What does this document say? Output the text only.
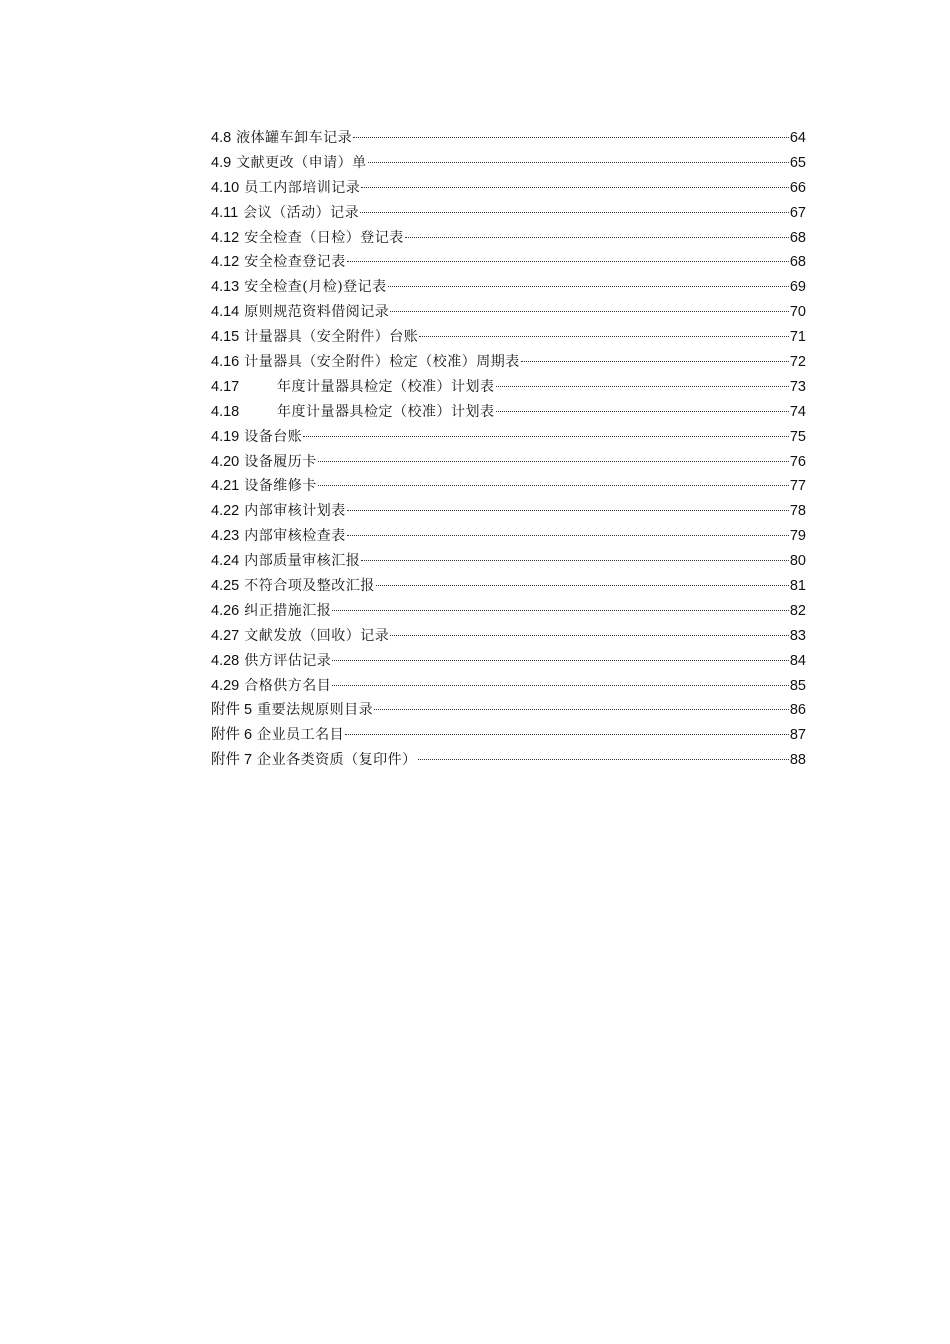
4.8 液体罐车卸车记录	64
4.9 文献更改（申请）单	65
4.10 员工内部培训记录	66
4.11 会议（活动）记录	67
4.12 安全检查（日检）登记表	68
4.12 安全检查登记表	68
4.13 安全检查(月检)登记表	69
4.14 原则规范资料借阅记录	70
4.15 计量器具（安全附件）台账	71
4.16 计量器具（安全附件）检定（校准）周期表	72
4.17	年度计量器具检定（校准）计划表	73
4.18	年度计量器具检定（校准）计划表	74
4.19 设备台账	75
4.20 设备履历卡	76
4.21 设备维修卡	77
4.22 内部审核计划表	78
4.23 内部审核检查表	79
4.24 内部质量审核汇报	80
4.25 不符合项及整改汇报	81
4.26 纠正措施汇报	82
4.27 文献发放（回收）记录	83
4.28 供方评估记录	84
4.29 合格供方名目	85
附件 5 重要法规原则目录	86
附件 6 企业员工名目	87
附件 7 企业各类资质（复印件）	88
